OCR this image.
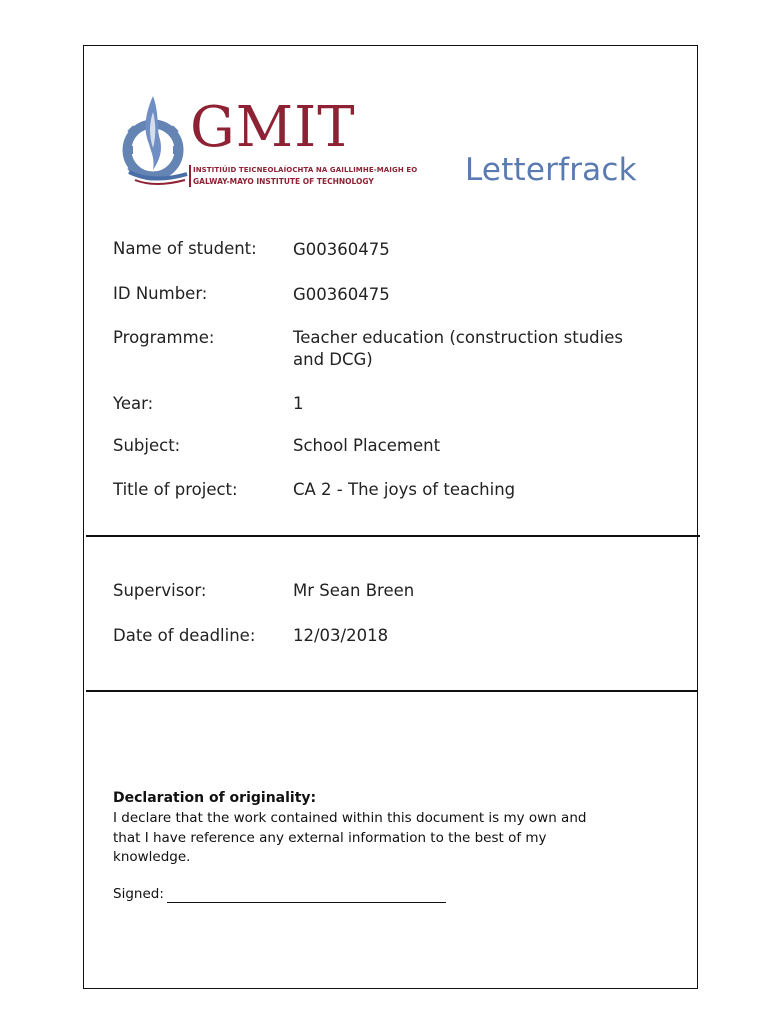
GMIT
INSTITIÚID TEICNEOLAÍOCHTA NA GAILLIMHE-MAIGH EO
GALWAY-MAYO INSTITUTE OF TECHNOLOGY	Letterfrack
Name of student: G00360475
ID Number:	G00360475
Programme:	Teacher education (construction studies
and DCG)
Year:	1
Subject:	School Placement
Title of project:	CA 2 - The joys of teaching
Supervisor:	Mr Sean Breen
Date of deadline: 12/03/2018
Declaration of originality:
I declare that the work contained within this document is my own and
that I have reference any external information to the best of my
knowledge.
Signed:
